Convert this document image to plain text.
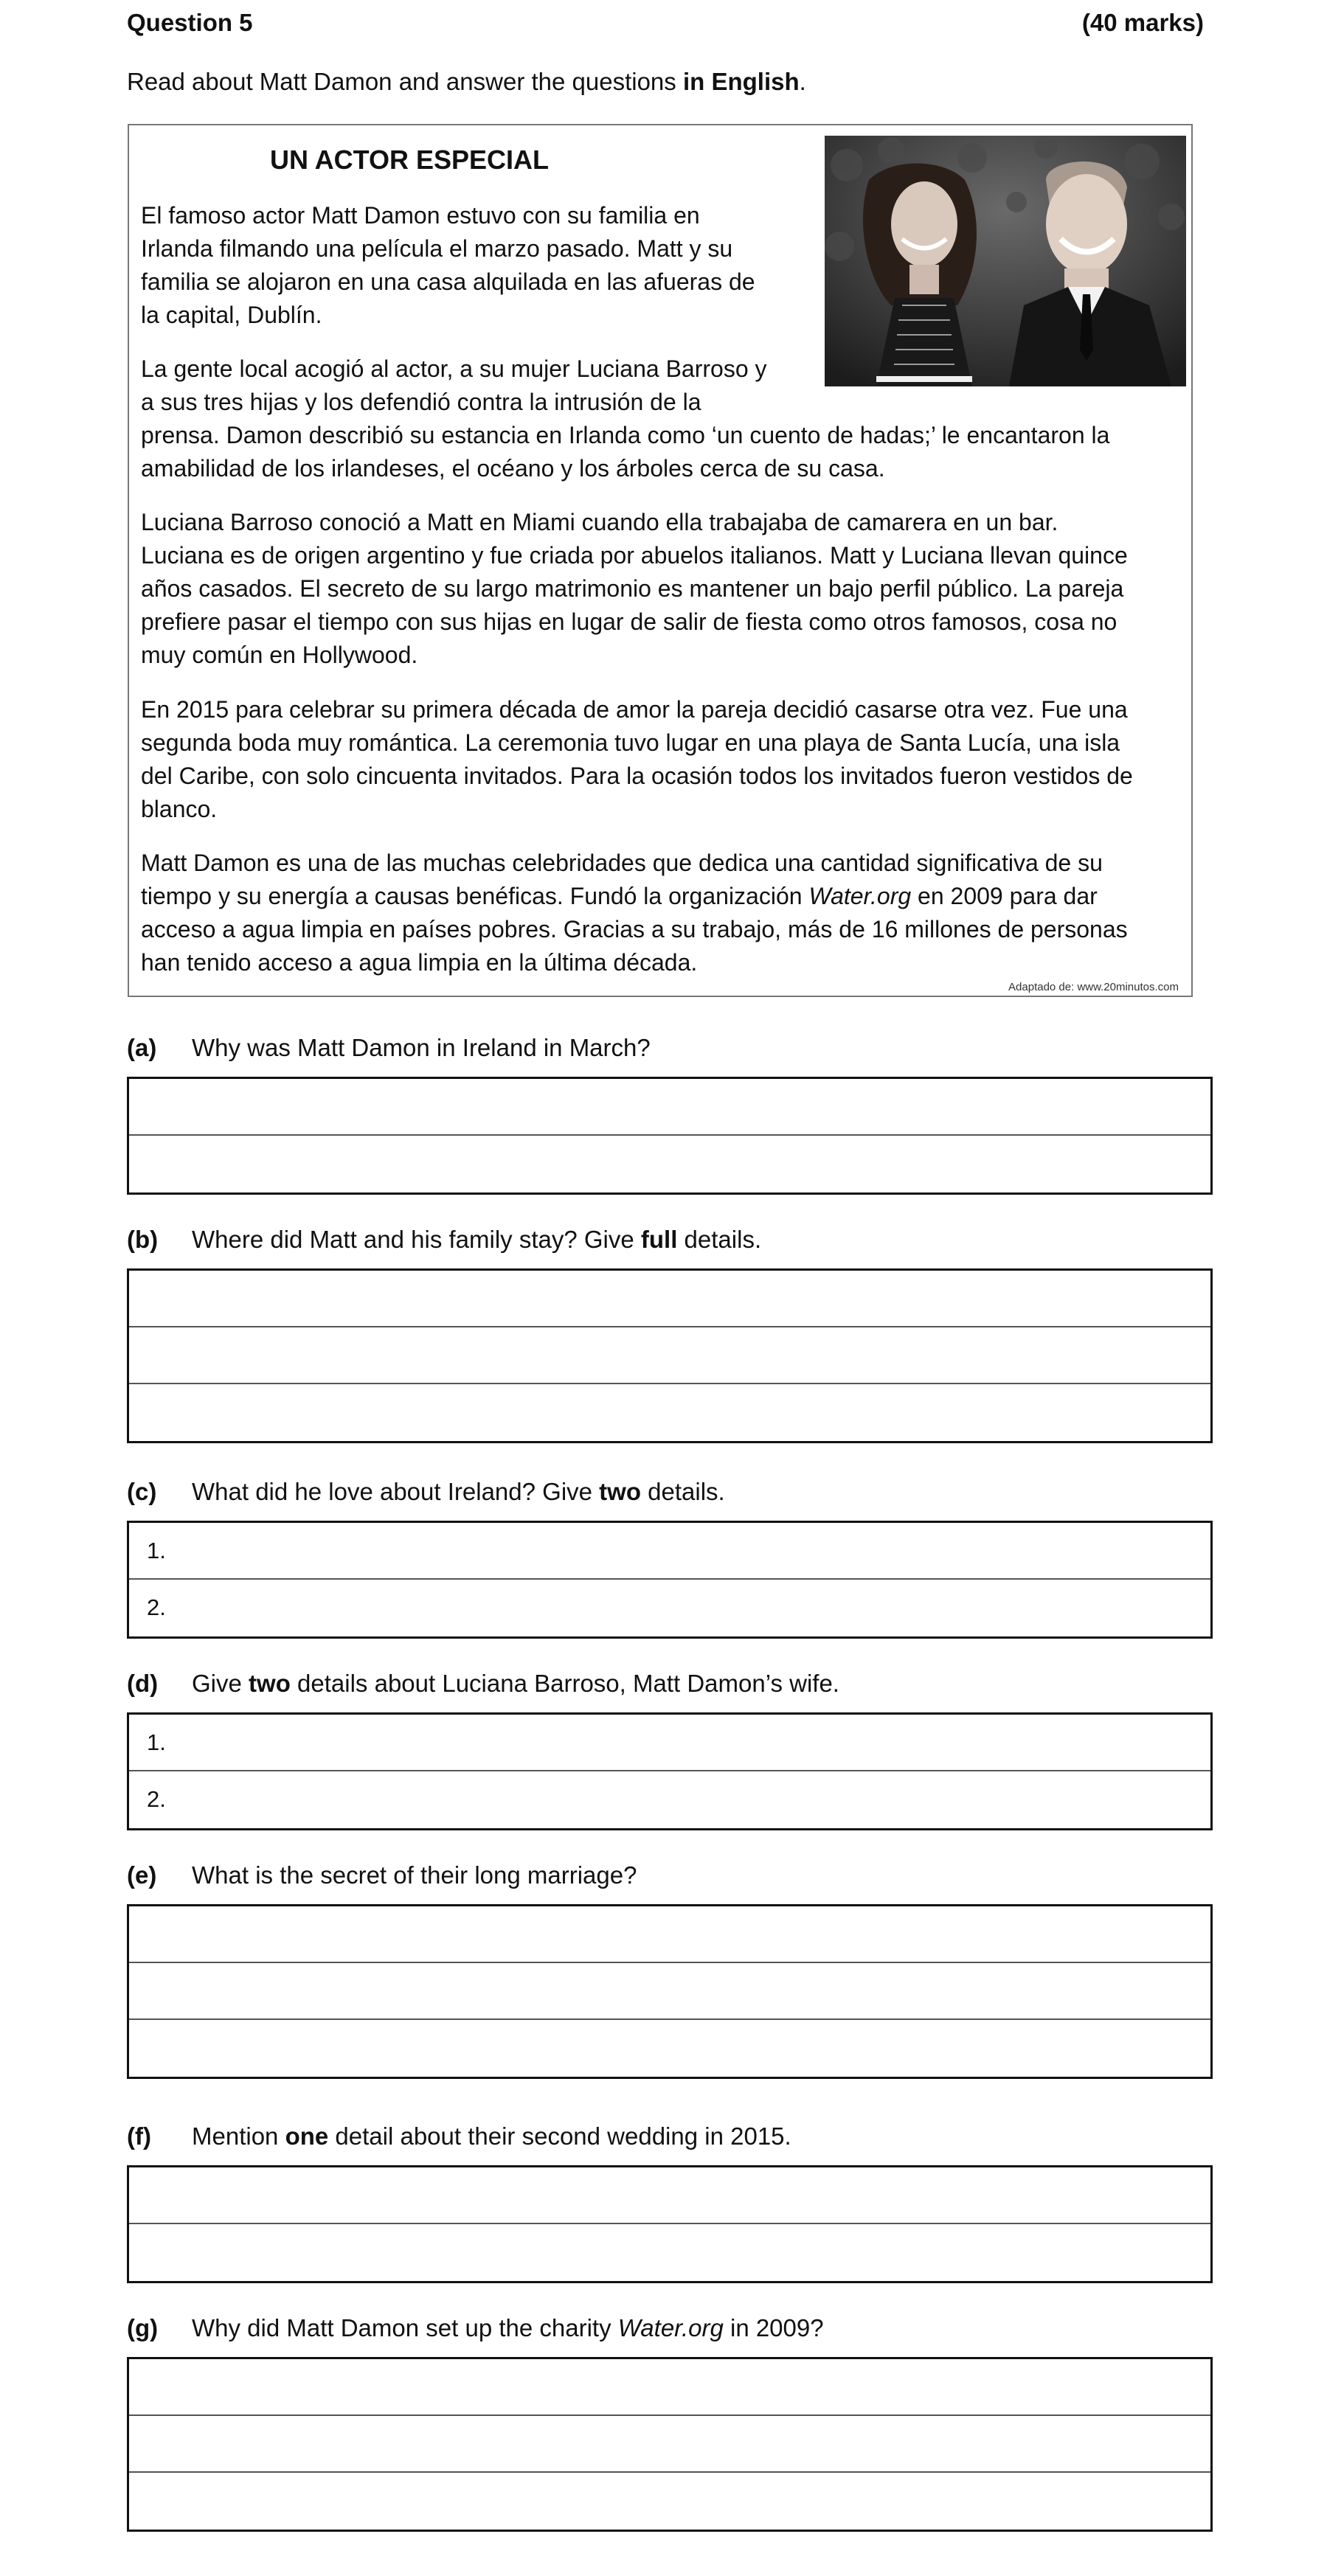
Question 5	(40 marks)
Read about Matt Damon and answer the questions in English.
UN ACTOR ESPECIAL

El famoso actor Matt Damon estuvo con su familia en
Irlanda filmando una película el marzo pasado. Matt y su
familia se alojaron en una casa alquilada en las afueras de
la capital, Dublín.

La gente local acogió al actor, a su mujer Luciana Barroso y
a sus tres hijas y los defendió contra la intrusión de la
prensa. Damon describió su estancia en Irlanda como ‘un cuento de hadas;’ le encantaron la
amabilidad de los irlandeses, el océano y los árboles cerca de su casa.

Luciana Barroso conoció a Matt en Miami cuando ella trabajaba de camarera en un bar.
Luciana es de origen argentino y fue criada por abuelos italianos. Matt y Luciana llevan quince
años casados. El secreto de su largo matrimonio es mantener un bajo perfil público. La pareja
prefiere pasar el tiempo con sus hijas en lugar de salir de fiesta como otros famosos, cosa no
muy común en Hollywood.

En 2015 para celebrar su primera década de amor la pareja decidió casarse otra vez. Fue una
segunda boda muy romántica. La ceremonia tuvo lugar en una playa de Santa Lucía, una isla
del Caribe, con solo cincuenta invitados. Para la ocasión todos los invitados fueron vestidos de
blanco.

Matt Damon es una de las muchas celebridades que dedica una cantidad significativa de su
tiempo y su energía a causas benéficas. Fundó la organización Water.org en 2009 para dar
acceso a agua limpia en países pobres. Gracias a su trabajo, más de 16 millones de personas
han tenido acceso a agua limpia en la última década.

Adaptado de: www.20minutos.com
(a) Why was Matt Damon in Ireland in March?
(b) Where did Matt and his family stay? Give full details.
(c) What did he love about Ireland? Give two details.
1.
2.
(d) Give two details about Luciana Barroso, Matt Damon’s wife.
1.
2.
(e) What is the secret of their long marriage?
(f) Mention one detail about their second wedding in 2015.
(g) Why did Matt Damon set up the charity Water.org in 2009?
